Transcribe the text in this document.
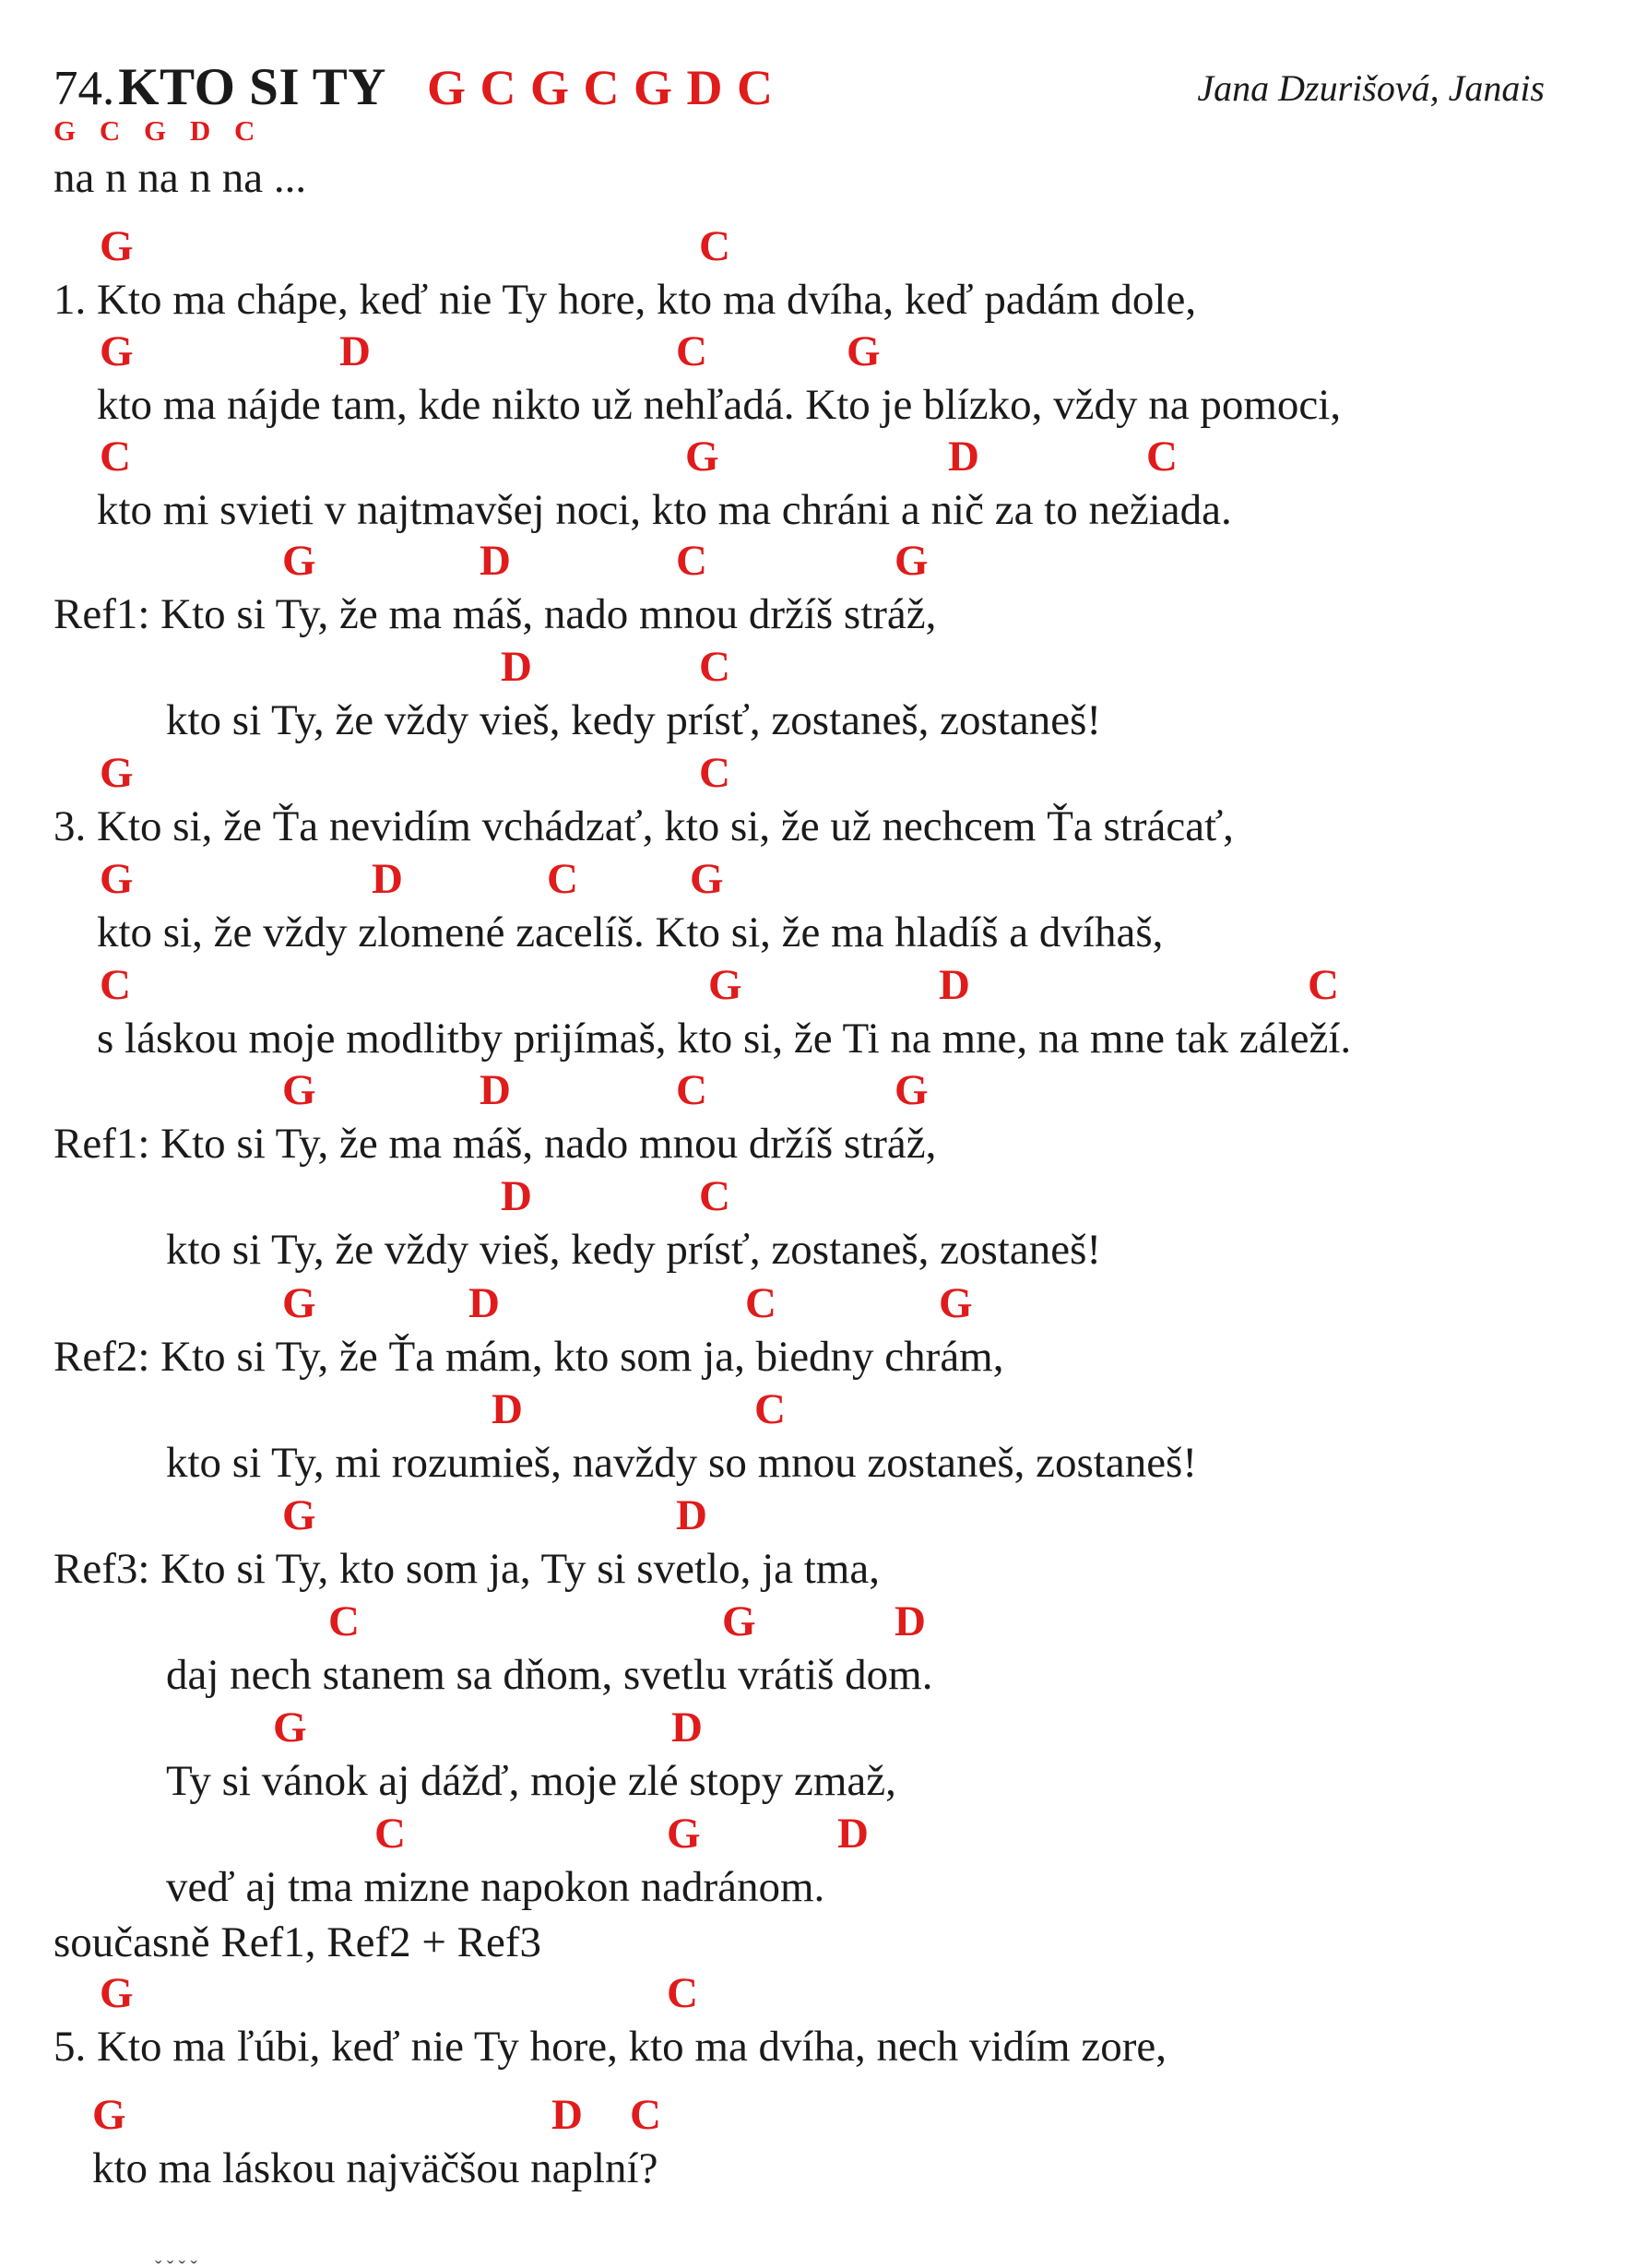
74. KTO SI TY G C G C G D C	Jana Dzurišová, Janais
G C G D C
na n na n na ...
G	C
1. Kto ma chápe, keď nie Ty hore, kto ma dvíha, keď padám dole,
G	D	C	G
kto ma nájde tam, kde nikto už nehľadá. Kto je blízko, vždy na pomoci,
C	G	D	C
kto mi svieti v najtmavšej noci, kto ma chráni a nič za to nežiada.
G	D	C	G
Ref1: Kto si Ty, že ma máš, nado mnou držíš stráž,
D	C
kto si Ty, že vždy vieš, kedy prísť, zostaneš, zostaneš!
G	C
3. Kto si, že Ťa nevidím vchádzať, kto si, že už nechcem Ťa strácať,
G	D	C	G
kto si, že vždy zlomené zacelíš. Kto si, že ma hladíš a dvíhaš,
C	G	D	C
s láskou moje modlitby prijímaš, kto si, že Ti na mne, na mne tak záleží.
G	D	C	G
Ref1: Kto si Ty, že ma máš, nado mnou držíš stráž,
D	C
kto si Ty, že vždy vieš, kedy prísť, zostaneš, zostaneš!
G	D	C	G
Ref2: Kto si Ty, že Ťa mám, kto som ja, biedny chrám,
D	C
kto si Ty, mi rozumieš, navždy so mnou zostaneš, zostaneš!
G	D
Ref3: Kto si Ty, kto som ja, Ty si svetlo, ja tma,
C	G	D
daj nech stanem sa dňom, svetlu vrátiš dom.
G	D
Ty si vánok aj dážď, moje zlé stopy zmaž,
C	G	D
veď aj tma mizne napokon nadránom.
současně Ref1, Ref2 + Ref3
G	C
5. Kto ma ľúbi, keď nie Ty hore, kto ma dvíha, nech vidím zore,
G	D C
kto ma láskou najväčšou naplní?
ˇ ˇ ˇ ˇ
